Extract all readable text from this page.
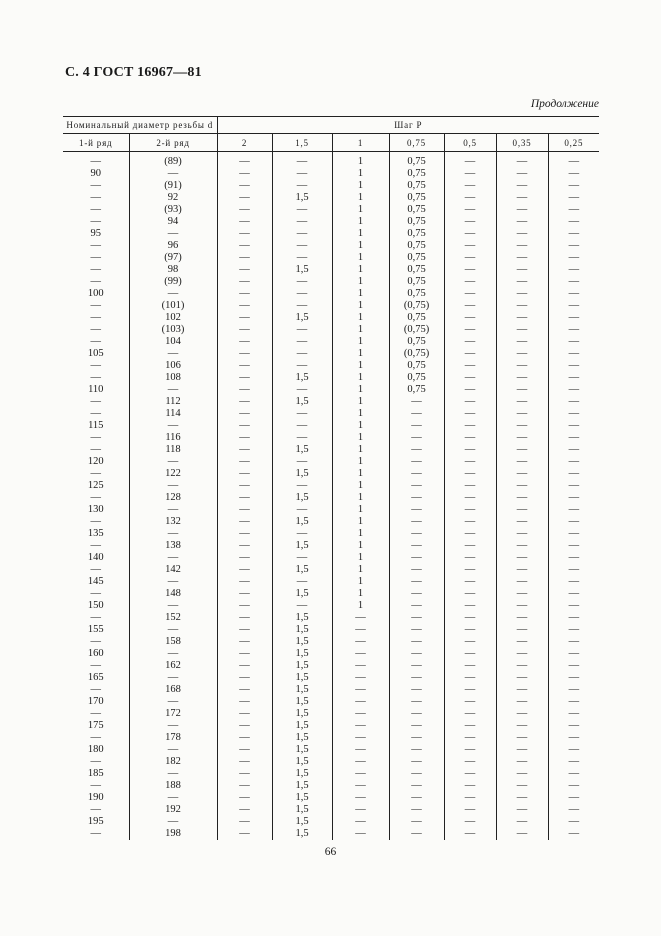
С. 4 ГОСТ 16967—81
Продолжение
Номинальный диаметр резьбы d		Шаг P						
1-й ряд	2-й ряд	2	1,5	1	0,75	0,5	0,35	0,25
—	(89)	—	—	1	0,75	—	—	—
90	—	—	—	1	0,75	—	—	—
—	(91)	—	—	1	0,75	—	—	—
—	92	—	1,5	1	0,75	—	—	—
—	(93)	—	—	1	0,75	—	—	—
—	94	—	—	1	0,75	—	—	—
95	—	—	—	1	0,75	—	—	—
—	96	—	—	1	0,75	—	—	—
—	(97)	—	—	1	0,75	—	—	—
—	98	—	1,5	1	0,75	—	—	—
—	(99)	—	—	1	0,75	—	—	—
100	—	—	—	1	0,75	—	—	—
—	(101)	—	—	1	(0,75)	—	—	—
—	102	—	1,5	1	0,75	—	—	—
—	(103)	—	—	1	(0,75)	—	—	—
—	104	—	—	1	0,75	—	—	—
105	—	—	—	1	(0,75)	—	—	—
—	106	—	—	1	0,75	—	—	—
—	108	—	1,5	1	0,75	—	—	—
110	—	—	—	1	0,75	—	—	—
—	112	—	1,5	1	—	—	—	—
—	114	—	—	1	—	—	—	—
115	—	—	—	1	—	—	—	—
—	116	—	—	1	—	—	—	—
—	118	—	1,5	1	—	—	—	—
120	—	—	—	1	—	—	—	—
—	122	—	1,5	1	—	—	—	—
125	—	—	—	1	—	—	—	—
—	128	—	1,5	1	—	—	—	—
130	—	—	—	1	—	—	—	—
—	132	—	1,5	1	—	—	—	—
135	—	—	—	1	—	—	—	—
—	138	—	1,5	1	—	—	—	—
140	—	—	—	1	—	—	—	—
—	142	—	1,5	1	—	—	—	—
145	—	—	—	1	—	—	—	—
—	148	—	1,5	1	—	—	—	—
150	—	—	—	1	—	—	—	—
—	152	—	1,5	—	—	—	—	—
155	—	—	1,5	—	—	—	—	—
—	158	—	1,5	—	—	—	—	—
160	—	—	1,5	—	—	—	—	—
—	162	—	1,5	—	—	—	—	—
165	—	—	1,5	—	—	—	—	—
—	168	—	1,5	—	—	—	—	—
170	—	—	1,5	—	—	—	—	—
—	172	—	1,5	—	—	—	—	—
175	—	—	1,5	—	—	—	—	—
—	178	—	1,5	—	—	—	—	—
180	—	—	1,5	—	—	—	—	—
—	182	—	1,5	—	—	—	—	—
185	—	—	1,5	—	—	—	—	—
—	188	—	1,5	—	—	—	—	—
190	—	—	1,5	—	—	—	—	—
—	192	—	1,5	—	—	—	—	—
195	—	—	1,5	—	—	—	—	—
—	198	—	1,5	—	—	—	—	—
66
